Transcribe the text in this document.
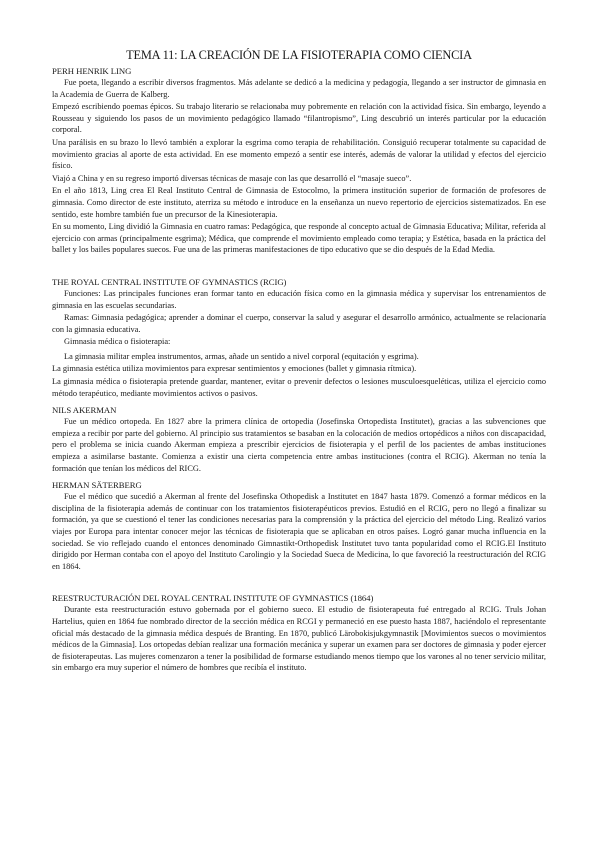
TEMA 11: LA CREACIÓN DE LA FISIOTERAPIA COMO CIENCIA
PERH HENRIK LING

Fue poeta, llegando a escribir diversos fragmentos. Más adelante se dedicó a la medicina y pedagogía, llegando a ser instructor de gimnasia en la Academia de Guerra de Kalberg.

Empezó escribiendo poemas épicos. Su trabajo literario se relacionaba muy pobremente en relación con la actividad física. Sin embargo, leyendo a Rousseau y siguiendo los pasos de un movimiento pedagógico llamado “filantropismo”, Ling descubrió un interés particular por la educación corporal.

Una parálisis en su brazo lo llevó también a explorar la esgrima como terapia de rehabilitación. Consiguió recuperar totalmente su capacidad de movimiento gracias al aporte de esta actividad. En ese momento empezó a sentir ese interés, además de valorar la utilidad y efectos del ejercicio físico.

Viajó a China y en su regreso importó diversas técnicas de masaje con las que desarrolló el “masaje sueco”.

En el año 1813, Ling crea El Real Instituto Central de Gimnasia de Estocolmo, la primera institución superior de formación de profesores de gimnasia. Como director de este instituto, aterriza su método e introduce en la enseñanza un nuevo repertorio de ejercicios sistematizados. En ese sentido, este hombre también fue un precursor de la Kinesioterapia.

En su momento, Ling dividió la Gimnasia en cuatro ramas: Pedagógica, que responde al concepto actual de Gimnasia Educativa; Militar, referida al ejercicio con armas (principalmente esgrima); Médica, que comprende el movimiento empleado como terapia; y Estética, basada en la práctica del ballet y los bailes populares suecos. Fue una de las primeras manifestaciones de tipo educativo que se dio después de la Edad Media.

THE ROYAL CENTRAL INSTITUTE OF GYMNASTICS (RCIG)

Funciones: Las principales funciones eran formar tanto en educación física como en la gimnasia médica y supervisar los entrenamientos de gimnasia en las escuelas secundarias.

Ramas: Gimnasia pedagógica; aprender a dominar el cuerpo, conservar la salud y asegurar el desarrollo armónico, actualmente se relacionaría con la gimnasia educativa.

Gimnasia médica o fisioterapia:

La gimnasia militar emplea instrumentos, armas, añade un sentido a nivel corporal (equitación y esgrima).

La gimnasia estética utiliza movimientos para expresar sentimientos y emociones (ballet y gimnasia rítmica).

La gimnasia médica o fisioterapia pretende guardar, mantener, evitar o prevenir defectos o lesiones musculoesqueléticas, utiliza el ejercicio como método terapéutico, mediante movimientos activos o pasivos.

NILS AKERMAN

Fue un médico ortopeda. En 1827 abre la primera clínica de ortopedia (Josefinska Ortopedista Institutet), gracias a las subvenciones que empieza a recibir por parte del gobierno. Al principio sus tratamientos se basaban en la colocación de medios ortopédicos a niños con discapacidad, pero el problema se inicia cuando Akerman empieza a prescribir ejercicios de fisioterapia y el perfil de los pacientes de ambas instituciones empieza a asimilarse bastante. Comienza a existir una cierta competencia entre ambas instituciones (contra el RCIG). Akerman no tenía la formación que tenían los médicos del RICG.

HERMAN SÄTERBERG

Fue el médico que sucedió a Akerman al frente del Josefinska Othopedisk a Institutet en 1847 hasta 1879. Comenzó a formar médicos en la disciplina de la fisioterapia además de continuar con los tratamientos fisioterapéuticos previos. Estudió en el RCIG, pero no llegó a finalizar su formación, ya que se cuestionó el tener las condiciones necesarias para la comprensión y la práctica del ejercicio del método Ling. Realizó varios viajes por Europa para intentar conocer mejor las técnicas de fisioterapia que se aplicaban en otros países. Logró ganar mucha influencia en la sociedad. Se vio reflejado cuando el entonces denominado Gimnastikt-Orthopedisk Institutet tuvo tanta popularidad como el RCIG.El Instituto dirigido por Herman contaba con el apoyo del Instituto Carolingio y la Sociedad Sueca de Medicina, lo que favoreció la reestructuración del RCIG en 1864.

REESTRUCTURACIÓN DEL ROYAL CENTRAL INSTITUTE OF GYMNASTICS (1864)

Durante esta reestructuración estuvo gobernada por el gobierno sueco. El estudio de fisioterapeuta fué entregado al RCIG. Truls Johan Hartelius, quien en 1864 fue nombrado director de la sección médica en RCGI y permaneció en ese puesto hasta 1887, haciéndolo el representante oficial más destacado de la gimnasia médica después de Branting. En 1870, publicó Lärobokisjukgymnastik [Movimientos suecos o movimientos médicos de la Gimnasia]. Los ortopedas debían realizar una formación mecánica y superar un examen para ser doctores de gimnasia y poder ejercer de fisioterapeutas. Las mujeres comenzaron a tener la posibilidad de formarse estudiando menos tiempo que los varones al no tener servicio militar, sin embargo era muy superior el número de hombres que recibía el instituto.
